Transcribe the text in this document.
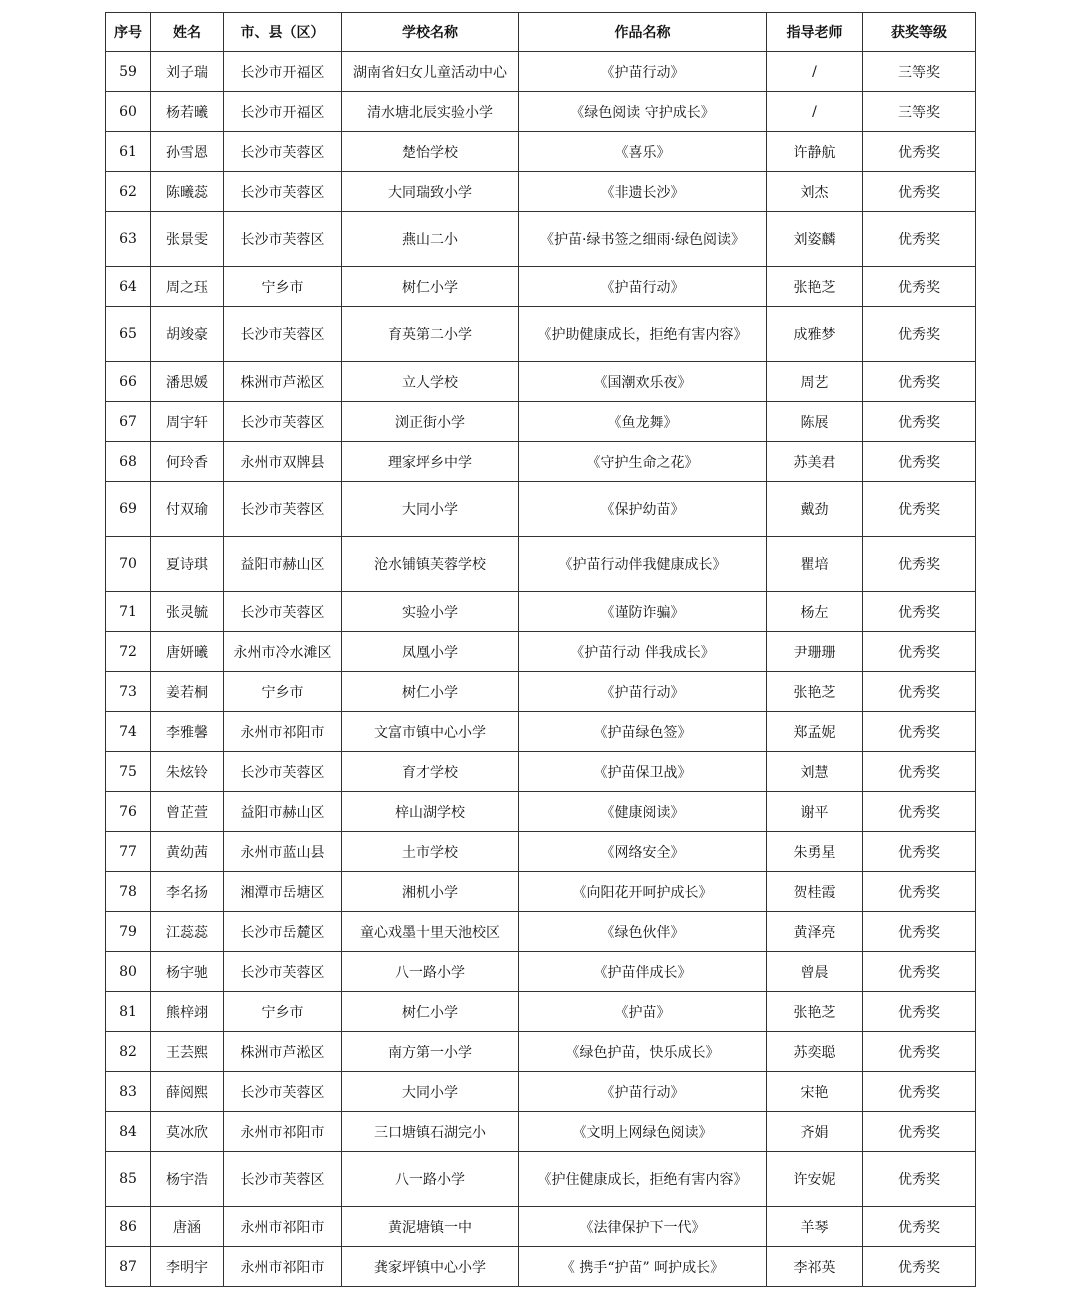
序号	姓名	市、县（区）	学校名称	作品名称	指导老师	获奖等级
59	刘子瑞	长沙市开福区	湖南省妇女儿童活动中心	《护苗行动》	/	三等奖
60	杨若曦	长沙市开福区	清水塘北辰实验小学	《绿色阅读 守护成长》	/	三等奖
61	孙雪恩	长沙市芙蓉区	楚怡学校	《喜乐》	许静航	优秀奖
62	陈曦蕊	长沙市芙蓉区	大同瑞致小学	《非遗长沙》	刘杰	优秀奖
63	张景雯	长沙市芙蓉区	燕山二小	《护苗·绿书签之细雨·绿色阅读》	刘姿麟	优秀奖
64	周之珏	宁乡市	树仁小学	《护苗行动》	张艳芝	优秀奖
65	胡竣豪	长沙市芙蓉区	育英第二小学	《护助健康成长，拒绝有害内容》	成雅梦	优秀奖
66	潘思媛	株洲市芦淞区	立人学校	《国潮欢乐夜》	周艺	优秀奖
67	周宇轩	长沙市芙蓉区	浏正街小学	《鱼龙舞》	陈展	优秀奖
68	何玲香	永州市双牌县	理家坪乡中学	《守护生命之花》	苏美君	优秀奖
69	付双瑜	长沙市芙蓉区	大同小学	《保护幼苗》	戴劲	优秀奖
70	夏诗琪	益阳市赫山区	沧水铺镇芙蓉学校	《护苗行动伴我健康成长》	瞿培	优秀奖
71	张灵毓	长沙市芙蓉区	实验小学	《谨防诈骗》	杨左	优秀奖
72	唐妍曦	永州市冷水滩区	凤凰小学	《护苗行动 伴我成长》	尹珊珊	优秀奖
73	姜若桐	宁乡市	树仁小学	《护苗行动》	张艳芝	优秀奖
74	李雅馨	永州市祁阳市	文富市镇中心小学	《护苗绿色签》	郑孟妮	优秀奖
75	朱炫铃	长沙市芙蓉区	育才学校	《护苗保卫战》	刘慧	优秀奖
76	曾芷萱	益阳市赫山区	梓山湖学校	《健康阅读》	谢平	优秀奖
77	黄幼茜	永州市蓝山县	土市学校	《网络安全》	朱勇星	优秀奖
78	李名扬	湘潭市岳塘区	湘机小学	《向阳花开呵护成长》	贺桂霞	优秀奖
79	江蕊蕊	长沙市岳麓区	童心戏墨十里天池校区	《绿色伙伴》	黄泽亮	优秀奖
80	杨宇驰	长沙市芙蓉区	八一路小学	《护苗伴成长》	曾晨	优秀奖
81	熊梓翊	宁乡市	树仁小学	《护苗》	张艳芝	优秀奖
82	王芸熙	株洲市芦淞区	南方第一小学	《绿色护苗，快乐成长》	苏奕聪	优秀奖
83	薛阅熙	长沙市芙蓉区	大同小学	《护苗行动》	宋艳	优秀奖
84	莫冰欣	永州市祁阳市	三口塘镇石湖完小	《文明上网绿色阅读》	齐娟	优秀奖
85	杨宇浩	长沙市芙蓉区	八一路小学	《护住健康成长，拒绝有害内容》	许安妮	优秀奖
86	唐涵	永州市祁阳市	黄泥塘镇一中	《法律保护下一代》	羊琴	优秀奖
87	李明宇	永州市祁阳市	龚家坪镇中心小学	《 携手“护苗” 呵护成长》	李祁英	优秀奖
